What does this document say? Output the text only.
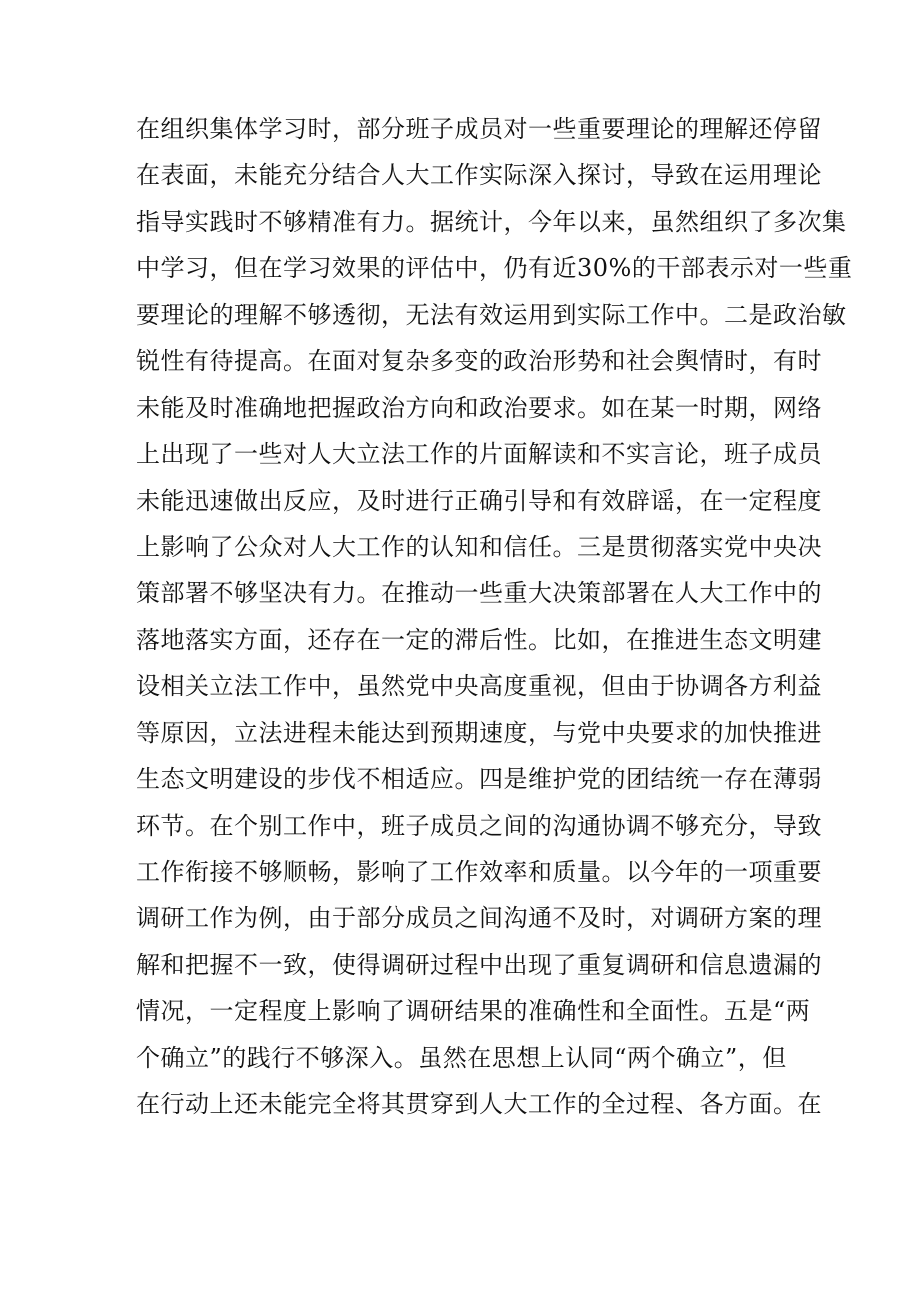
在组织集体学习时，部分班子成员对一些重要理论的理解还停留
在表面，未能充分结合人大工作实际深入探讨，导致在运用理论
指导实践时不够精准有力。据统计，今年以来，虽然组织了多次集
中学习，但在学习效果的评估中，仍有近30%的干部表示对一些重
要理论的理解不够透彻，无法有效运用到实际工作中。二是政治敏
锐性有待提高。在面对复杂多变的政治形势和社会舆情时，有时
未能及时准确地把握政治方向和政治要求。如在某一时期，网络
上出现了一些对人大立法工作的片面解读和不实言论，班子成员
未能迅速做出反应，及时进行正确引导和有效辟谣，在一定程度
上影响了公众对人大工作的认知和信任。三是贯彻落实党中央决
策部署不够坚决有力。在推动一些重大决策部署在人大工作中的
落地落实方面，还存在一定的滞后性。比如，在推进生态文明建
设相关立法工作中，虽然党中央高度重视，但由于协调各方利益
等原因，立法进程未能达到预期速度，与党中央要求的加快推进
生态文明建设的步伐不相适应。四是维护党的团结统一存在薄弱
环节。在个别工作中，班子成员之间的沟通协调不够充分，导致
工作衔接不够顺畅，影响了工作效率和质量。以今年的一项重要
调研工作为例，由于部分成员之间沟通不及时，对调研方案的理
解和把握不一致，使得调研过程中出现了重复调研和信息遗漏的
情况，一定程度上影响了调研结果的准确性和全面性。五是“两
个确立”的践行不够深入。虽然在思想上认同“两个确立”，但
在行动上还未能完全将其贯穿到人大工作的全过程、各方面。在
